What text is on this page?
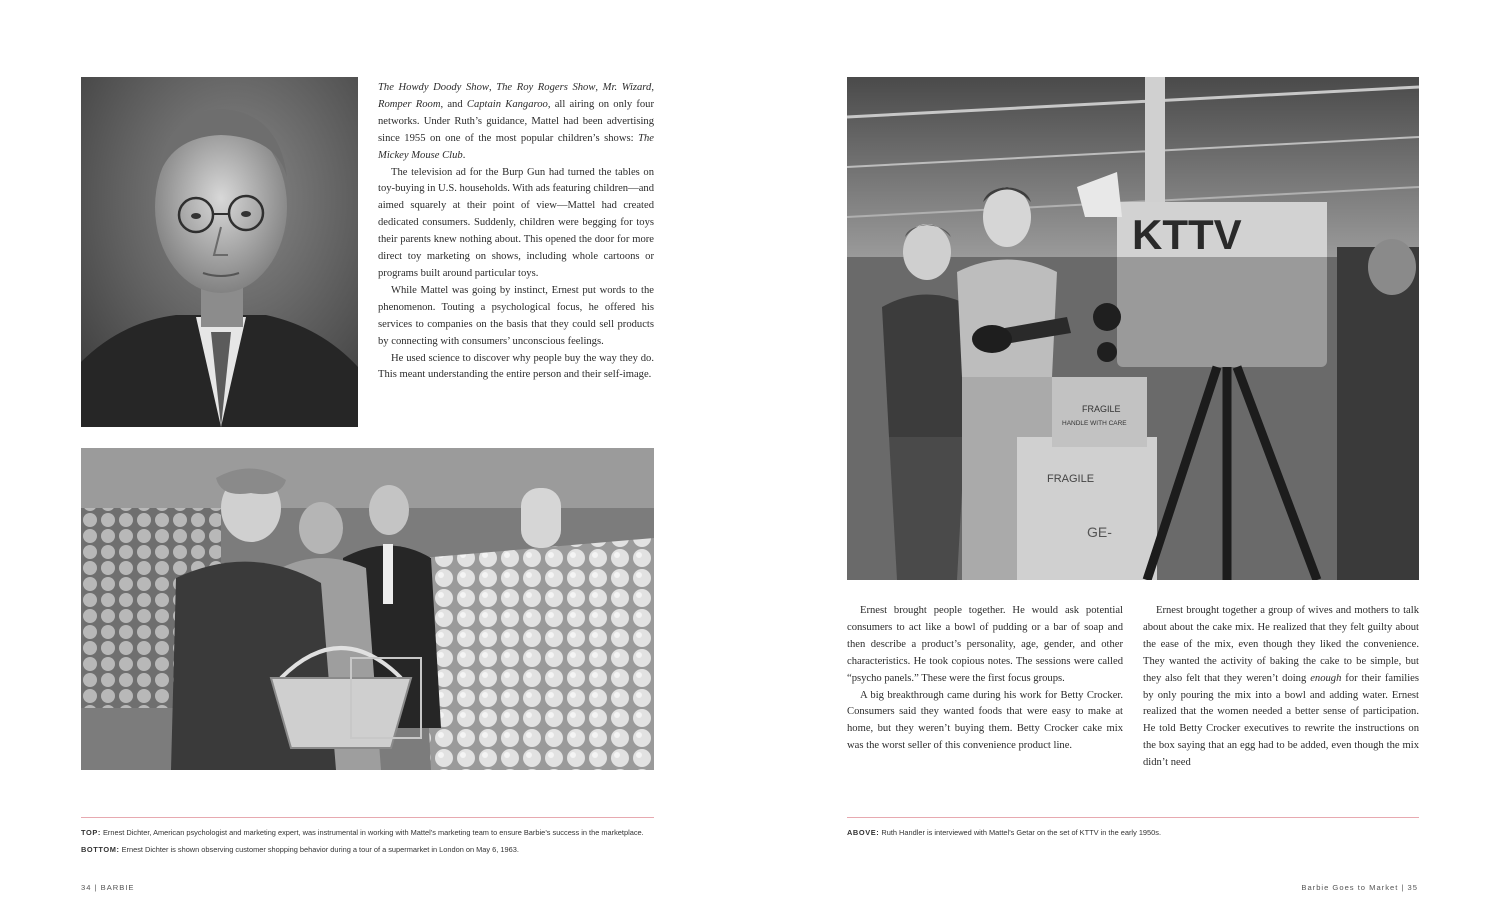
The Howdy Doody Show, The Roy Rogers Show, Mr. Wizard, Romper Room, and Captain Kangaroo, all airing on only four networks. Under Ruth’s guidance, Mattel had been advertising since 1955 on one of the most popular children’s shows: The Mickey Mouse Club.

The television ad for the Burp Gun had turned the tables on toy-buying in U.S. households. With ads featuring children—and aimed squarely at their point of view—Mattel had created dedicated consumers. Suddenly, children were begging for toys their parents knew nothing about. This opened the door for more direct toy marketing on shows, including whole cartoons or programs built around particular toys.

While Mattel was going by instinct, Ernest put words to the phenomenon. Touting a psychological focus, he offered his services to companies on the basis that they could sell products by connecting with consumers’ unconscious feelings.

He used science to discover why people buy the way they do. This meant understanding the entire person and their self-image.

TOP: Ernest Dichter, American psychologist and marketing expert, was instrumental in working with Mattel’s marketing team to ensure Barbie’s success in the marketplace.
BOTTOM: Ernest Dichter is shown observing customer shopping behavior during a tour of a supermarket in London on May 6, 1963.
34 | BARBIE
FRAGILE
HANDLE WITH CARE
FRAGILE
GE-
KTTV

Ernest brought people together. He would ask potential consumers to act like a bowl of pudding or a bar of soap and then describe a product’s personality, age, gender, and other characteristics. He took copious notes. The sessions were called “psycho panels.” These were the first focus groups.

A big breakthrough came during his work for Betty Crocker. Consumers said they wanted foods that were easy to make at home, but they weren’t buying them. Betty Crocker cake mix was the worst seller of this convenience product line.

Ernest brought together a group of wives and mothers to talk about about the cake mix. He realized that they felt guilty about the ease of the mix, even though they liked the convenience. They wanted the activity of baking the cake to be simple, but they also felt that they weren’t doing enough for their families by only pouring the mix into a bowl and adding water. Ernest realized that the women needed a better sense of participation. He told Betty Crocker executives to rewrite the instructions on the box saying that an egg had to be added, even though the mix didn’t need

ABOVE: Ruth Handler is interviewed with Mattel’s Getar on the set of KTTV in the early 1950s.
Barbie Goes to Market | 35
